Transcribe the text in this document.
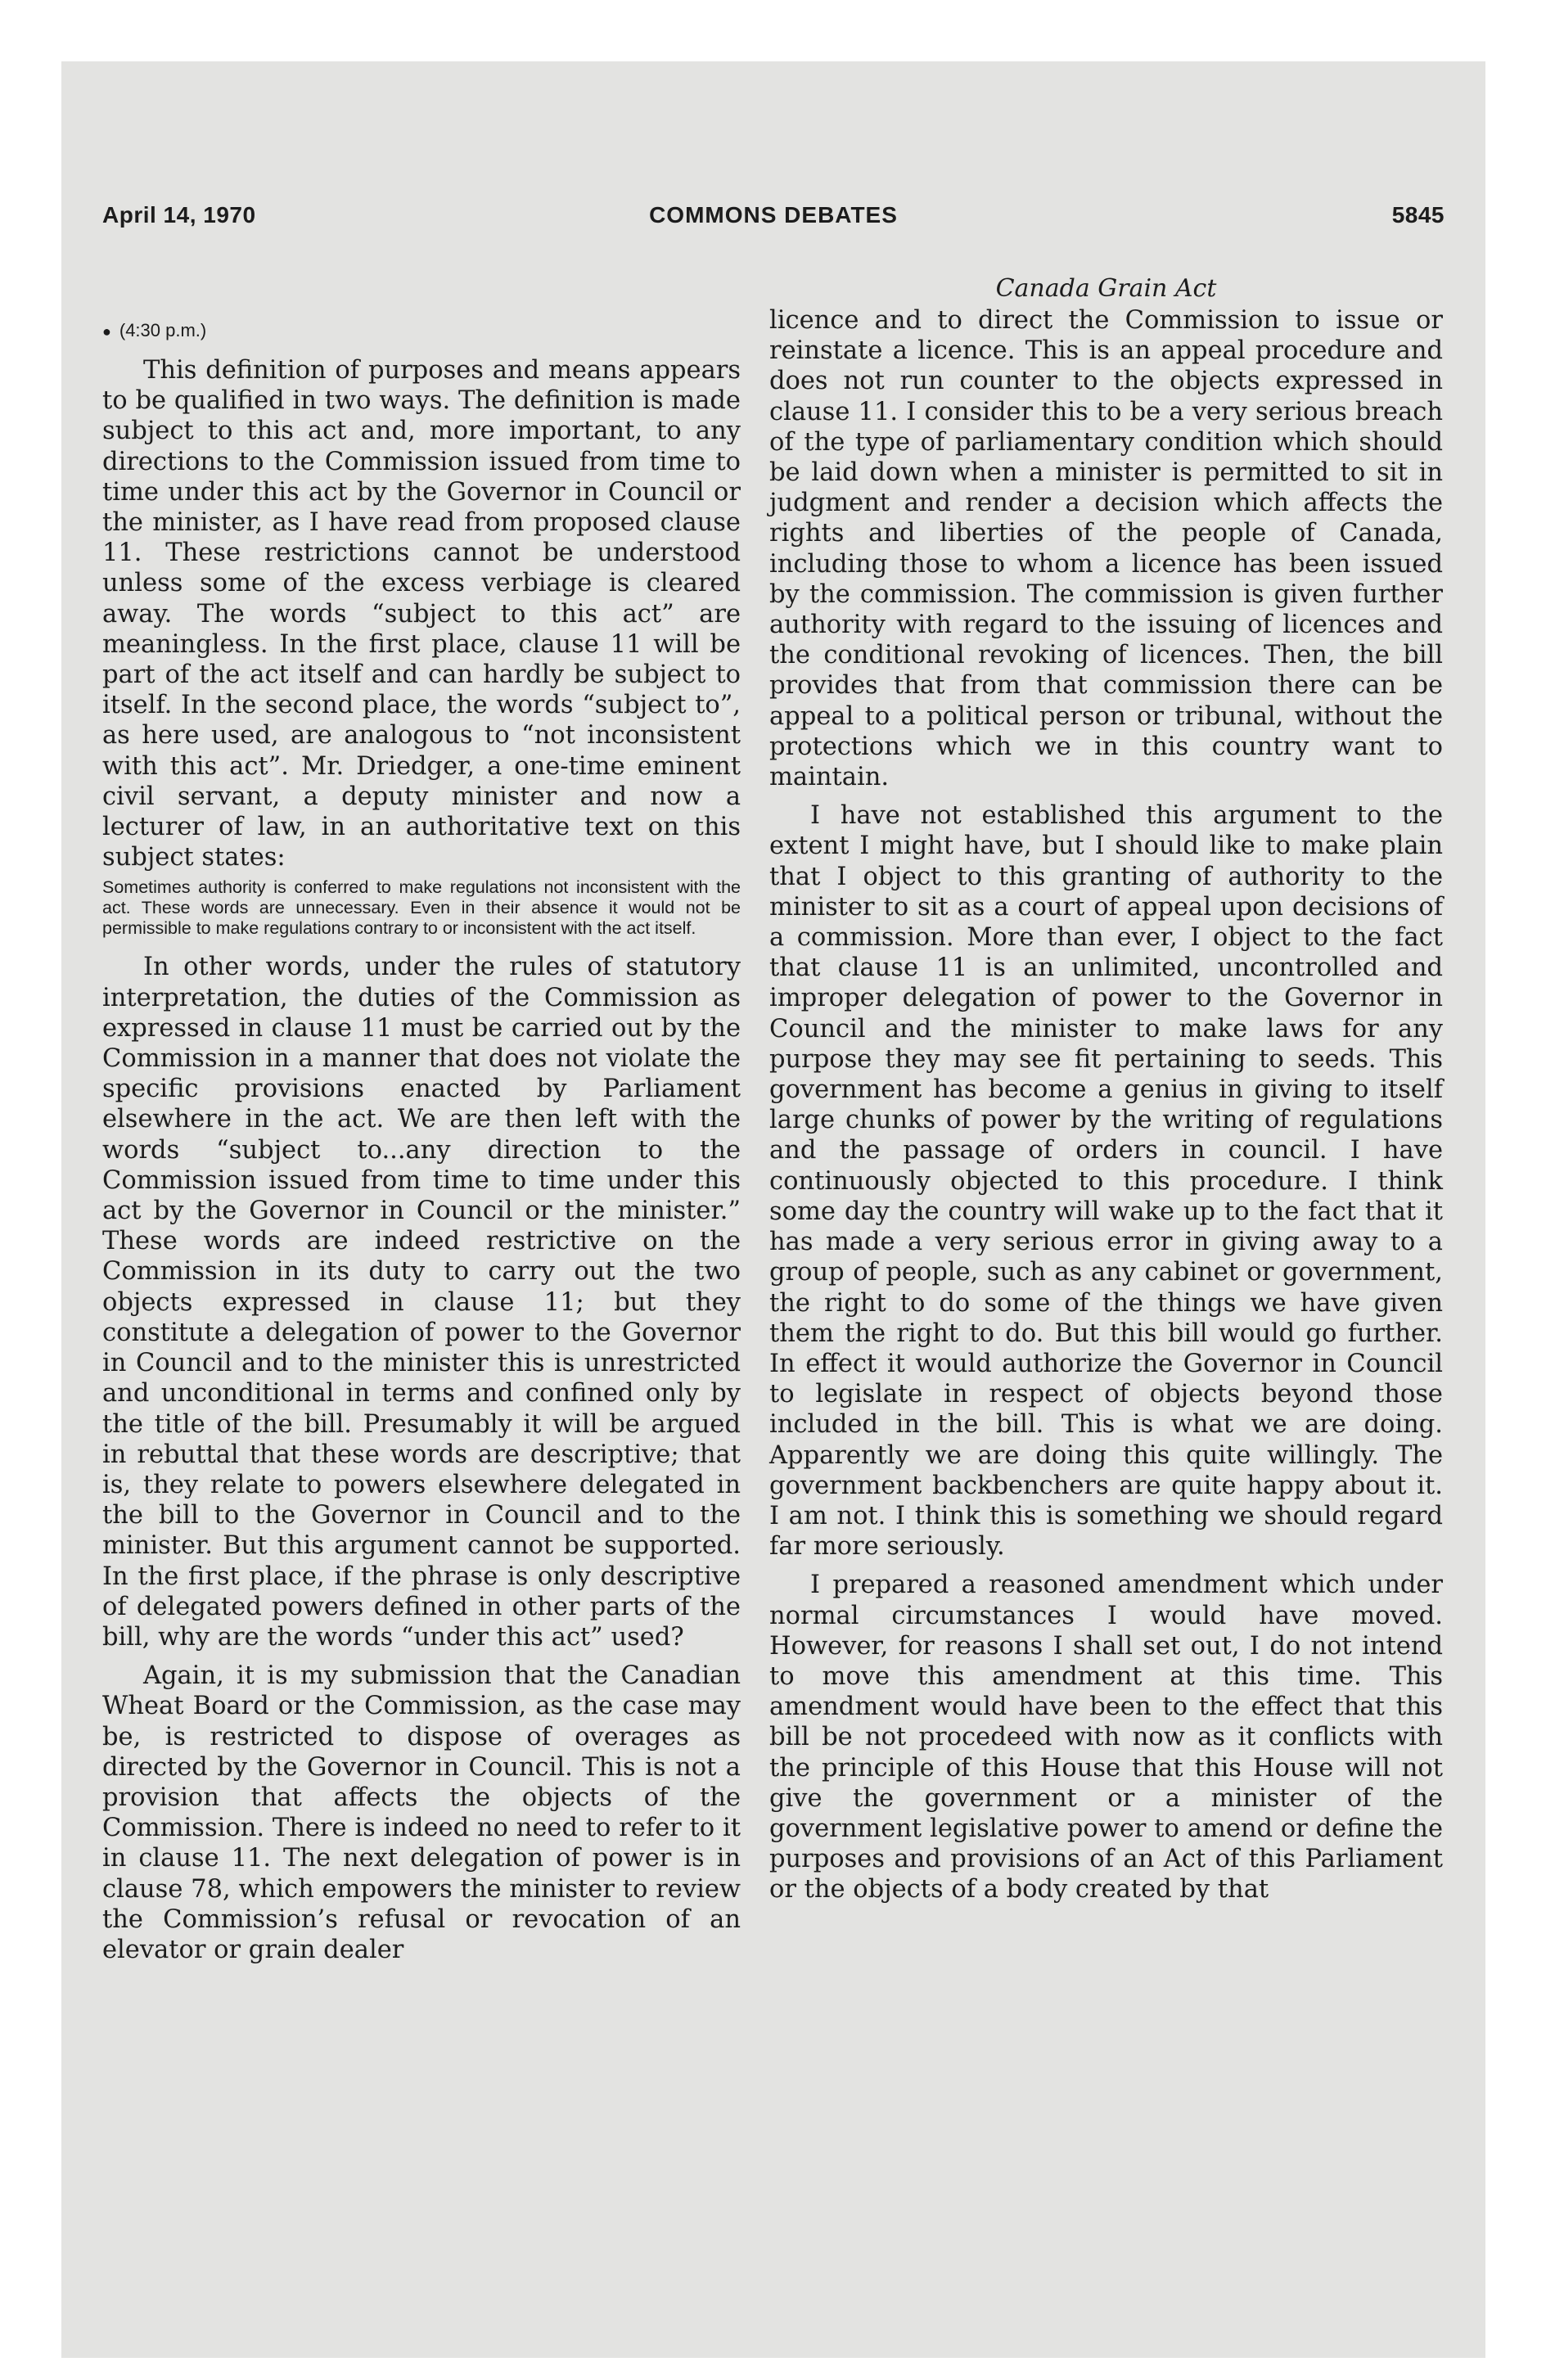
April 14, 1970	COMMONS DEBATES	5845
● (4:30 p.m.)

This definition of purposes and means appears to be qualified in two ways. The definition is made subject to this act and, more important, to any directions to the Commission issued from time to time under this act by the Governor in Council or the minister, as I have read from proposed clause 11. These restrictions cannot be understood unless some of the excess verbiage is cleared away. The words “subject to this act” are meaningless. In the first place, clause 11 will be part of the act itself and can hardly be subject to itself. In the second place, the words “subject to”, as here used, are analogous to “not inconsistent with this act”. Mr. Driedger, a one-time eminent civil servant, a deputy minister and now a lecturer of law, in an authoritative text on this subject states:

Sometimes authority is conferred to make regulations not inconsistent with the act. These words are unnecessary. Even in their absence it would not be permissible to make regulations contrary to or inconsistent with the act itself.

In other words, under the rules of statutory interpretation, the duties of the Commission as expressed in clause 11 must be carried out by the Commission in a manner that does not violate the specific provisions enacted by Parliament elsewhere in the act. We are then left with the words “subject to...any direction to the Commission issued from time to time under this act by the Governor in Council or the minister.” These words are indeed restrictive on the Commission in its duty to carry out the two objects expressed in clause 11; but they constitute a delegation of power to the Governor in Council and to the minister this is unrestricted and unconditional in terms and confined only by the title of the bill. Presumably it will be argued in rebuttal that these words are descriptive; that is, they relate to powers elsewhere delegated in the bill to the Governor in Council and to the minister. But this argument cannot be supported. In the first place, if the phrase is only descriptive of delegated powers defined in other parts of the bill, why are the words “under this act” used?

Again, it is my submission that the Canadian Wheat Board or the Commission, as the case may be, is restricted to dispose of overages as directed by the Governor in Council. This is not a provision that affects the objects of the Commission. There is indeed no need to refer to it in clause 11. The next delegation of power is in clause 78, which empowers the minister to review the Commission’s refusal or revocation of an elevator or grain dealer

Canada Grain Act

licence and to direct the Commission to issue or reinstate a licence. This is an appeal procedure and does not run counter to the objects expressed in clause 11. I consider this to be a very serious breach of the type of parliamentary condition which should be laid down when a minister is permitted to sit in judgment and render a decision which affects the rights and liberties of the people of Canada, including those to whom a licence has been issued by the commission. The commission is given further authority with regard to the issuing of licences and the conditional revoking of licences. Then, the bill provides that from that commission there can be appeal to a political person or tribunal, without the protections which we in this country want to maintain.

I have not established this argument to the extent I might have, but I should like to make plain that I object to this granting of authority to the minister to sit as a court of appeal upon decisions of a commission. More than ever, I object to the fact that clause 11 is an unlimited, uncontrolled and improper delegation of power to the Governor in Council and the minister to make laws for any purpose they may see fit pertaining to seeds. This government has become a genius in giving to itself large chunks of power by the writing of regulations and the passage of orders in council. I have continuously objected to this procedure. I think some day the country will wake up to the fact that it has made a very serious error in giving away to a group of people, such as any cabinet or government, the right to do some of the things we have given them the right to do. But this bill would go further. In effect it would authorize the Governor in Council to legislate in respect of objects beyond those included in the bill. This is what we are doing. Apparently we are doing this quite willingly. The government backbenchers are quite happy about it. I am not. I think this is something we should regard far more seriously.

I prepared a reasoned amendment which under normal circumstances I would have moved. However, for reasons I shall set out, I do not intend to move this amendment at this time. This amendment would have been to the effect that this bill be not procedeed with now as it conflicts with the principle of this House that this House will not give the government or a minister of the government legislative power to amend or define the purposes and provisions of an Act of this Parliament or the objects of a body created by that
